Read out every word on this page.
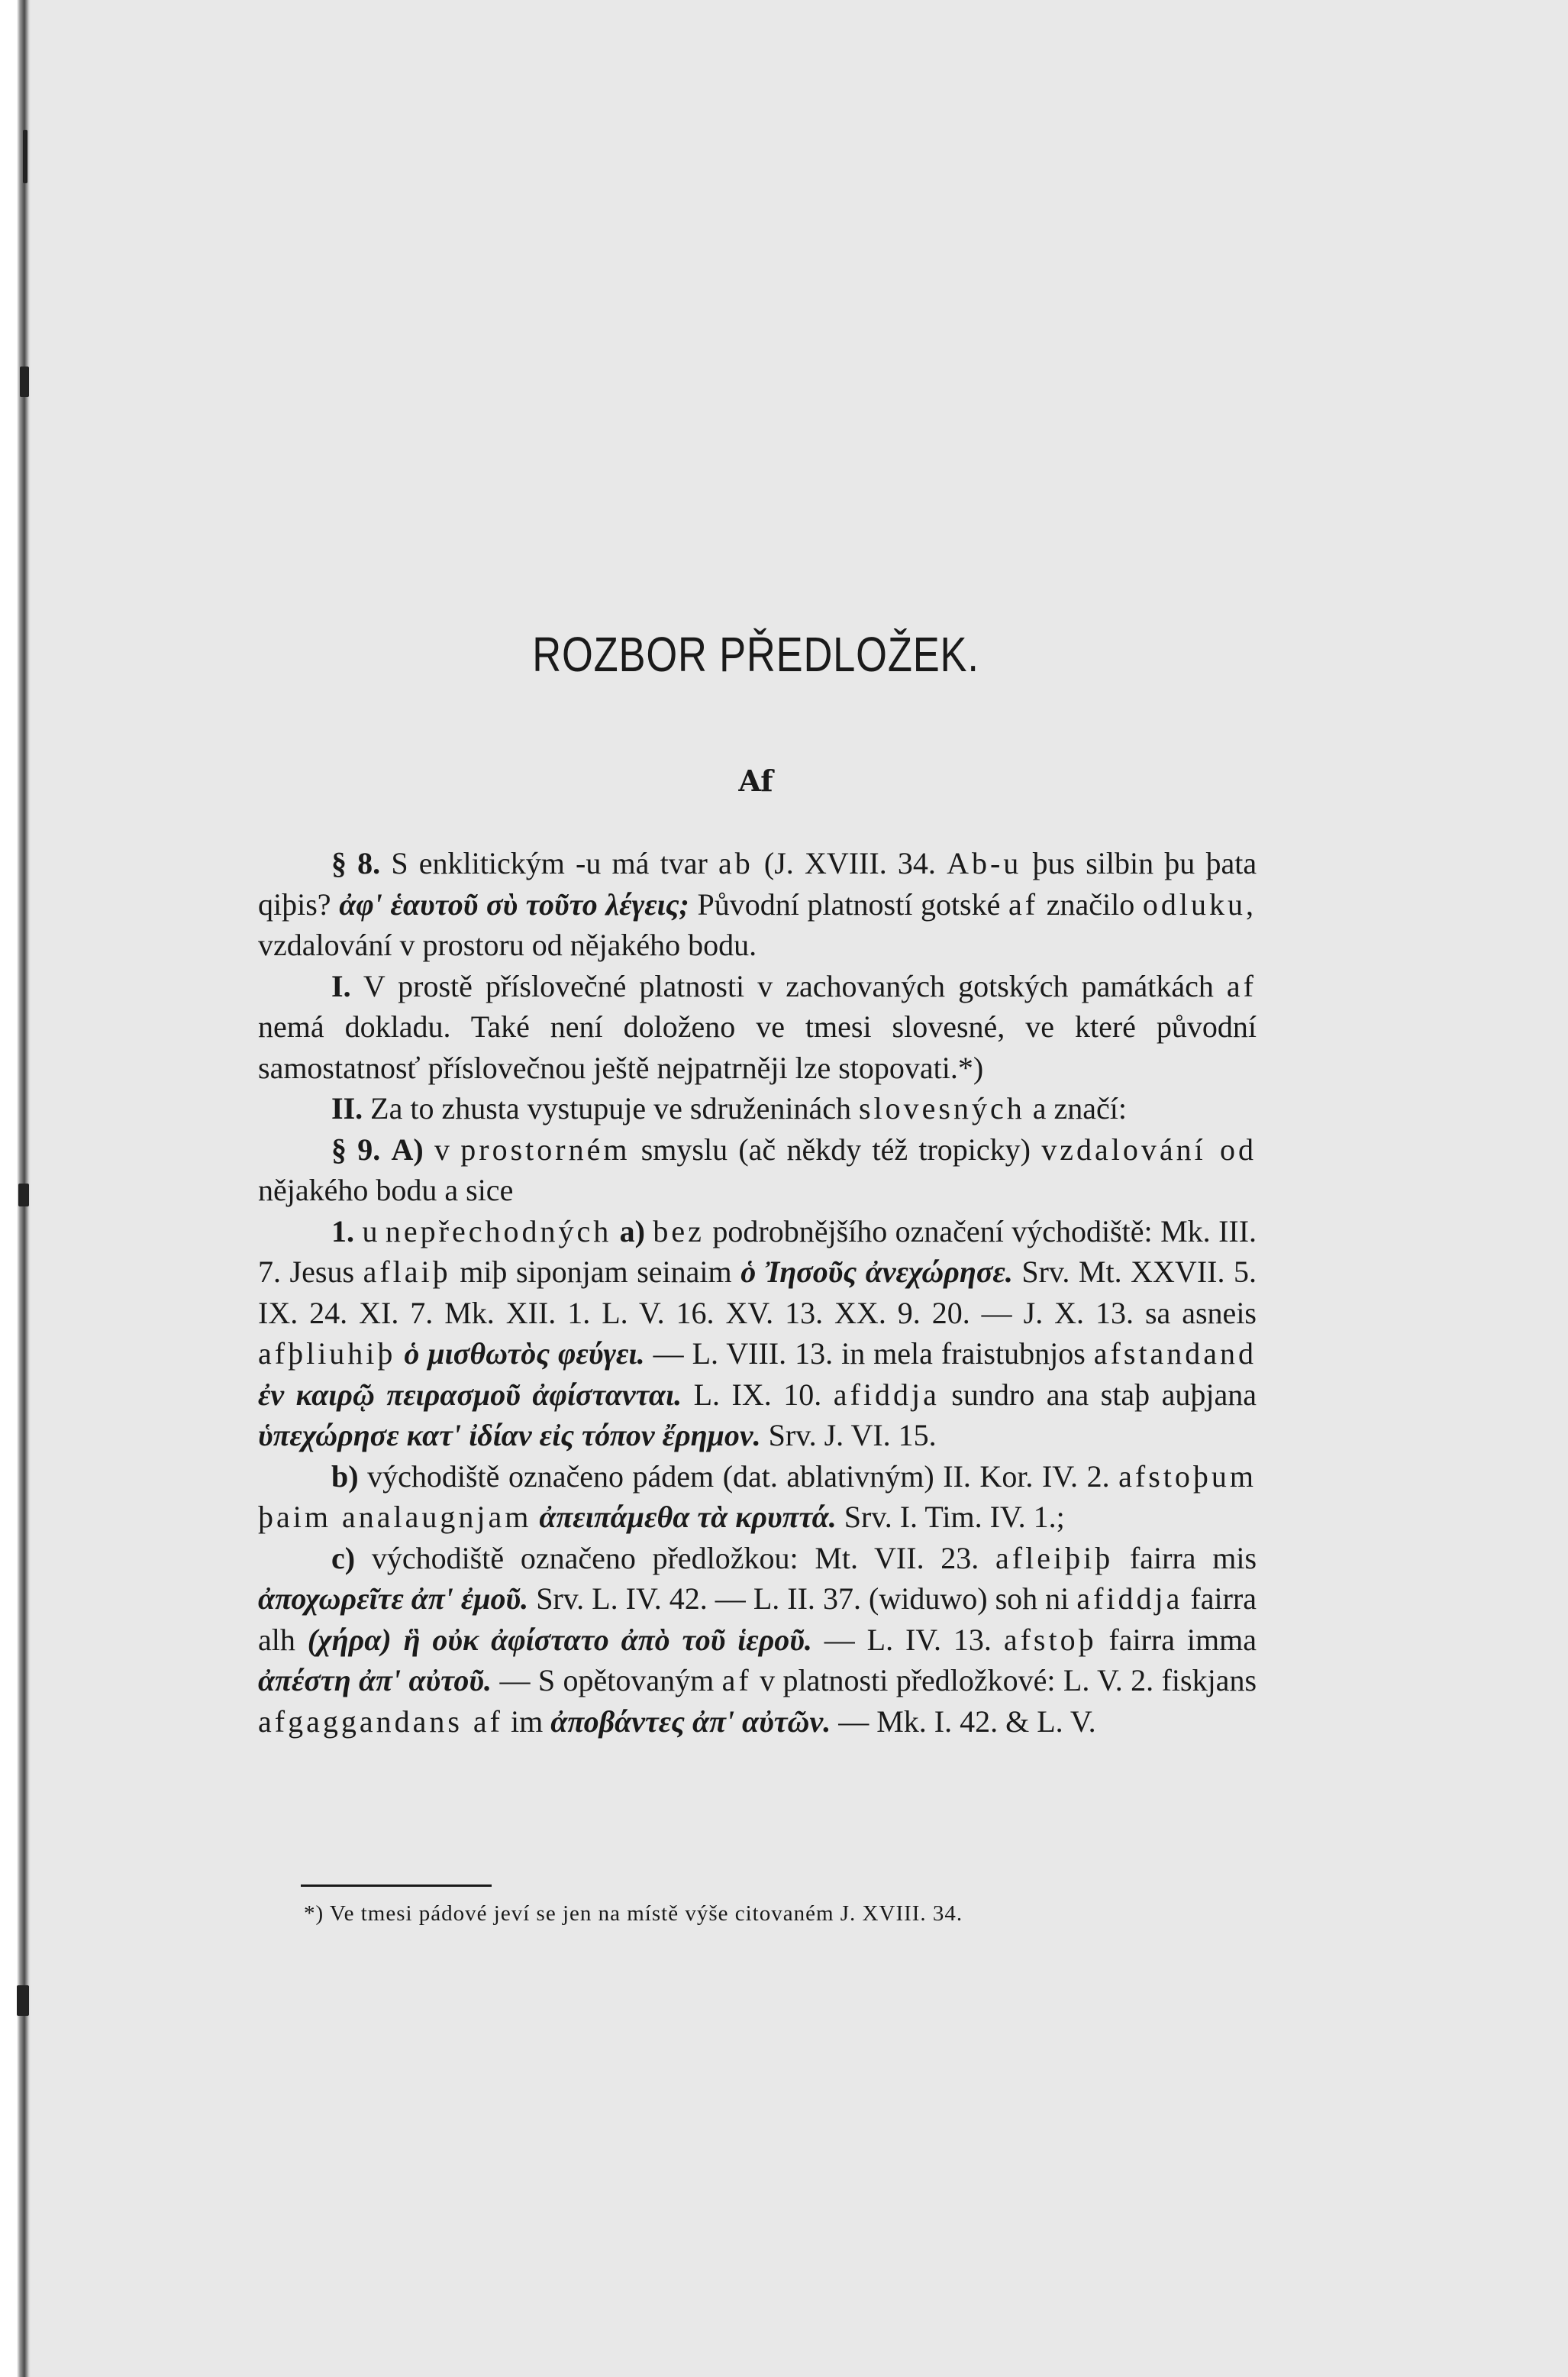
ROZBOR PŘEDLOŽEK.
Af

§ 8. S enklitickým -u má tvar ab (J. XVIII. 34. Ab-u þus silbin þu þata qiþis? ἀφ' ἑαυτοῦ σὺ τοῦτο λέγεις; Původní platností gotské af značilo odluku, vzdalování v prostoru od nějakého bodu.

I. V prostě příslovečné platnosti v zachovaných gotských památkách af nemá dokladu. Také není doloženo ve tmesi slovesné, ve které původní samostatnosť příslovečnou ještě nejpatrněji lze stopovati.*)

II. Za to zhusta vystupuje ve sdruženinách slovesných a značí:

§ 9. A) v prostorném smyslu (ač někdy též tropicky) vzdalování od nějakého bodu a sice

1. u nepřechodných a) bez podrobnějšího označení východiště: Mk. III. 7. Jesus aflaiþ miþ siponjam seinaim ὁ Ἰησοῦς ἀνεχώρησε. Srv. Mt. XXVII. 5. IX. 24. XI. 7. Mk. XII. 1. L. V. 16. XV. 13. XX. 9. 20. — J. X. 13. sa asneis afþliuhiþ ὁ μισθωτὸς φεύγει. — L. VIII. 13. in mela fraistubnjos afstandand ἐν καιρῷ πειρασμοῦ ἀφίστανται. L. IX. 10. afiddja sundro ana staþ auþjana ὑπεχώρησε κατ' ἰδίαν εἰς τόπον ἔρημον. Srv. J. VI. 15.

b) východiště označeno pádem (dat. ablativným) II. Kor. IV. 2. afstoþum þaim analaugnjam ἀπειπάμεθα τὰ κρυπτά. Srv. I. Tim. IV. 1.;

c) východiště označeno předložkou: Mt. VII. 23. afleiþiþ fairra mis ἀποχωρεῖτε ἀπ' ἐμοῦ. Srv. L. IV. 42. — L. II. 37. (widuwo) soh ni afiddja fairra alh (χήρα) ἣ οὐκ ἀφίστατο ἀπὸ τοῦ ἱεροῦ. — L. IV. 13. afstoþ fairra imma ἀπέστη ἀπ' αὐτοῦ. — S opětovaným af v platnosti předložkové: L. V. 2. fiskjans afgaggandans af im ἀποβάντες ἀπ' αὐτῶν. — Mk. I. 42. & L. V.

*) Ve tmesi pádové jeví se jen na místě výše citovaném J. XVIII. 34.
